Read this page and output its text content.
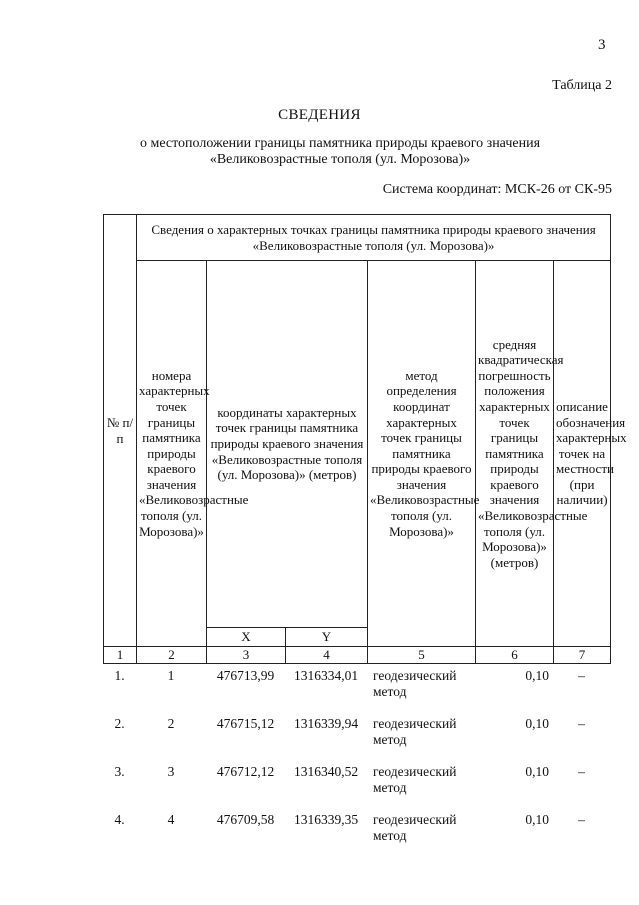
3
Таблица 2
СВЕДЕНИЯ
о местоположении границы памятника природы краевого значения
«Великовозрастные тополя (ул. Морозова)»
Система координат: МСК-26 от СК-95
№ п/п	Сведения о характерных точках границы памятника природы краевого значения «Великовозрастные тополя (ул. Морозова)»					
	номера характерных точек границы памятника природы краевого значения «Великовозрастные тополя (ул. Морозова)»	координаты характерных точек границы памятника природы краевого значения «Великовозрастные тополя (ул. Морозова)» (метров)		метод определения координат характерных точек границы памятника природы краевого значения «Великовозрастные тополя (ул. Морозова)»	средняя квадратическая погрешность положения характерных точек границы памятника природы краевого значения «Великовозрастные тополя (ул. Морозова)» (метров)	описание обозначения характерных точек на местности (при наличии)
		X	Y			
1	2	3	4	5	6	7
1.	1	476713,99	1316334,01	геодезический метод	0,10	–
2.	2	476715,12	1316339,94	геодезический метод	0,10	–
3.	3	476712,12	1316340,52	геодезический метод	0,10	–
4.	4	476709,58	1316339,35	геодезический метод	0,10	–
